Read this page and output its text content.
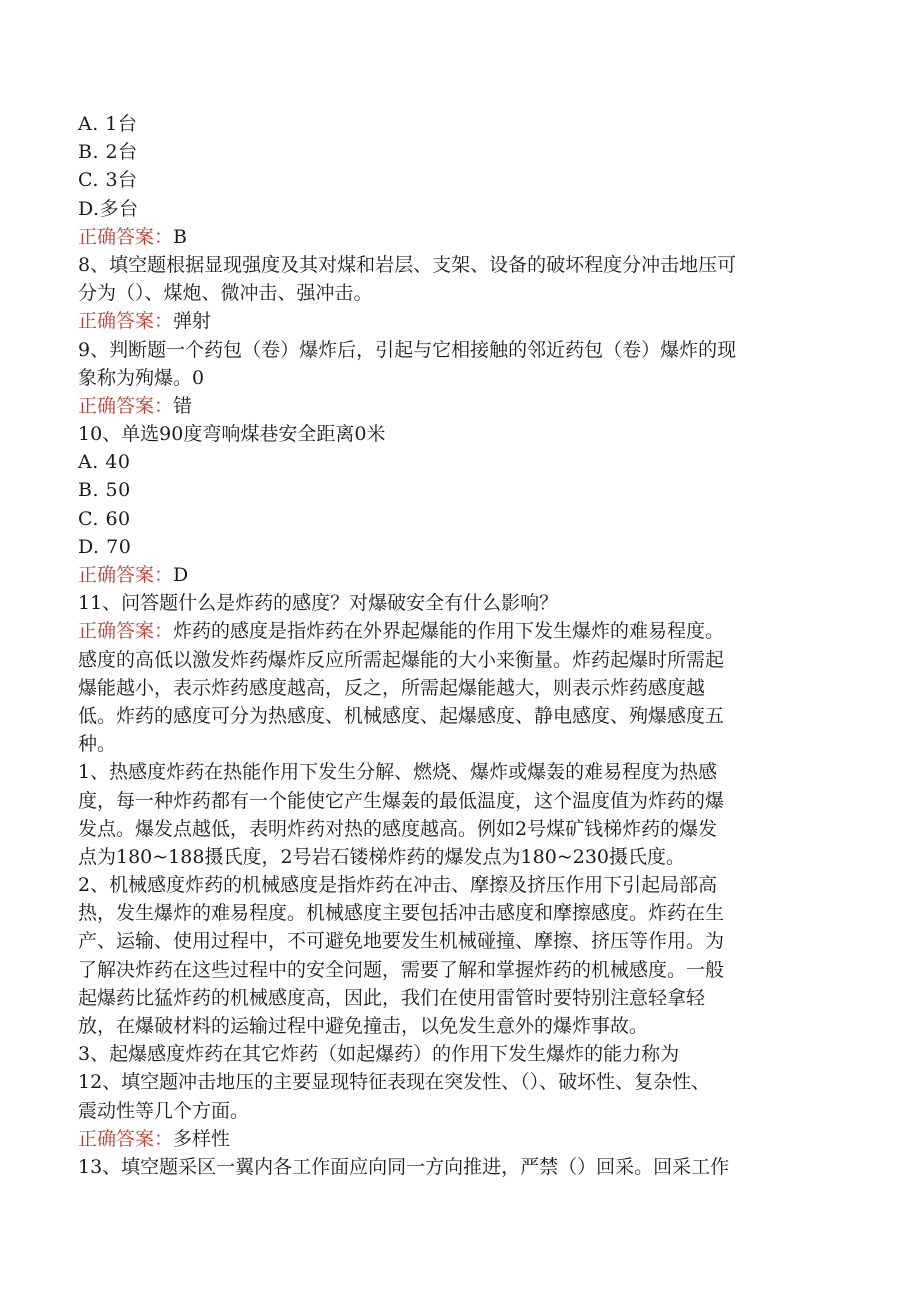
A. 1台
B. 2台
C. 3台
D.多台
正确答案：B
8、填空题根据显现强度及其对煤和岩层、支架、设备的破坏程度分冲击地压可
分为（）、煤炮、微冲击、强冲击。
正确答案：弹射
9、判断题一个药包（卷）爆炸后，引起与它相接触的邻近药包（卷）爆炸的现
象称为殉爆。0
正确答案：错
10、单选90度弯响煤巷安全距离0米
A. 40
B. 50
C. 60
D. 70
正确答案：D
11、问答题什么是炸药的感度？对爆破安全有什么影响？
正确答案：炸药的感度是指炸药在外界起爆能的作用下发生爆炸的难易程度。
感度的高低以激发炸药爆炸反应所需起爆能的大小来衡量。炸药起爆时所需起
爆能越小，表示炸药感度越高，反之，所需起爆能越大，则表示炸药感度越
低。炸药的感度可分为热感度、机械感度、起爆感度、静电感度、殉爆感度五
种。
1、热感度炸药在热能作用下发生分解、燃烧、爆炸或爆轰的难易程度为热感
度，每一种炸药都有一个能使它产生爆轰的最低温度，这个温度值为炸药的爆
发点。爆发点越低，表明炸药对热的感度越高。例如2号煤矿钱梯炸药的爆发
点为180~188摄氏度，2号岩石镂梯炸药的爆发点为180~230摄氏度。
2、机械感度炸药的机械感度是指炸药在冲击、摩擦及挤压作用下引起局部高
热，发生爆炸的难易程度。机械感度主要包括冲击感度和摩擦感度。炸药在生
产、运输、使用过程中，不可避免地要发生机械碰撞、摩擦、挤压等作用。为
了解决炸药在这些过程中的安全问题，需要了解和掌握炸药的机械感度。一般
起爆药比猛炸药的机械感度高，因此，我们在使用雷管时要特别注意轻拿轻
放，在爆破材料的运输过程中避免撞击，以免发生意外的爆炸事故。
3、起爆感度炸药在其它炸药（如起爆药）的作用下发生爆炸的能力称为
12、填空题冲击地压的主要显现特征表现在突发性、（）、破坏性、复杂性、
震动性等几个方面。
正确答案：多样性
13、填空题采区一翼内各工作面应向同一方向推进，严禁（）回采。回采工作
